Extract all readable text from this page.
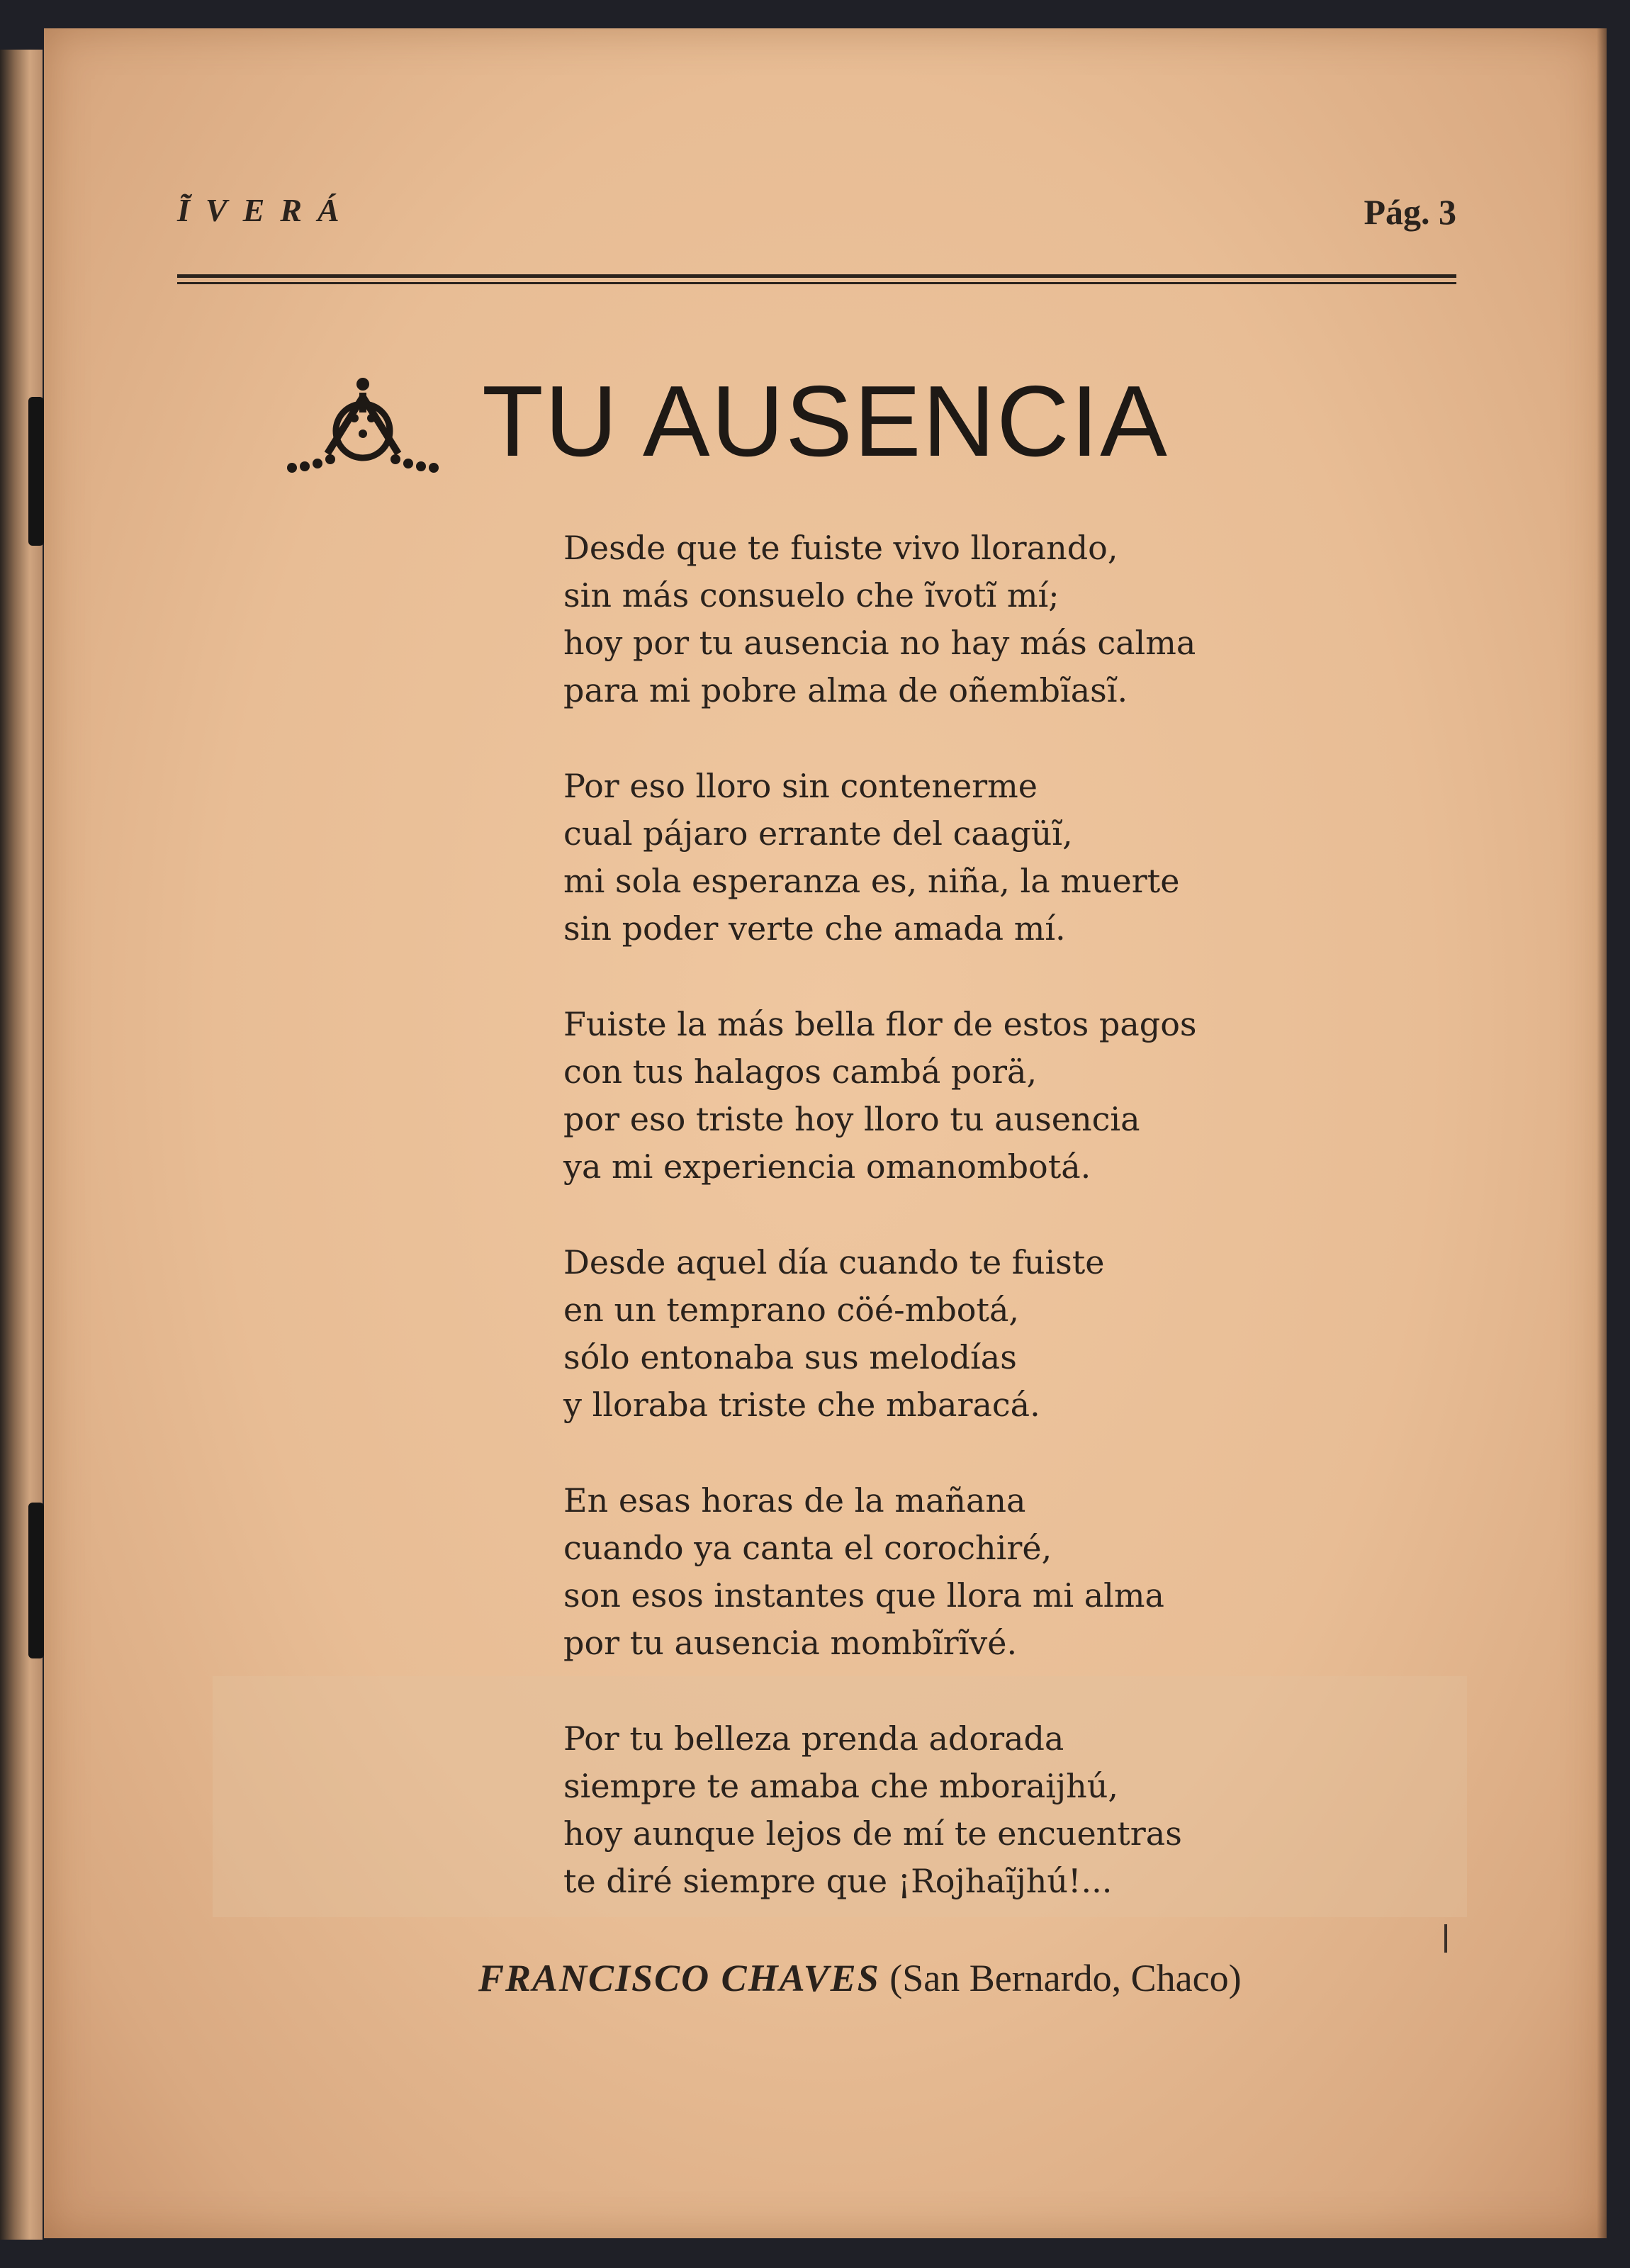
ĨVERÁ	Pág. 3
TU AUSENCIA
Desde que te fuiste vivo llorando,
sin más consuelo che ĩvotĩ mí;
hoy por tu ausencia no hay más calma
para mi pobre alma de oñembĩasĩ.
Por eso lloro sin contenerme
cual pájaro errante del caagüĩ,
mi sola esperanza es, niña, la muerte
sin poder verte che amada mí.
Fuiste la más bella flor de estos pagos
con tus halagos cambá porä,
por eso triste hoy lloro tu ausencia
ya mi experiencia omanombotá.
Desde aquel día cuando te fuiste
en un temprano cöé-mbotá,
sólo entonaba sus melodías
y lloraba triste che mbaracá.
En esas horas de la mañana
cuando ya canta el corochiré,
son esos instantes que llora mi alma
por tu ausencia mombĩrĩvé.
Por tu belleza prenda adorada
siempre te amaba che mboraijhú,
hoy aunque lejos de mí te encuentras
te diré siempre que ¡Rojhaĩjhú!...
FRANCISCO CHAVES (San Bernardo, Chaco)
